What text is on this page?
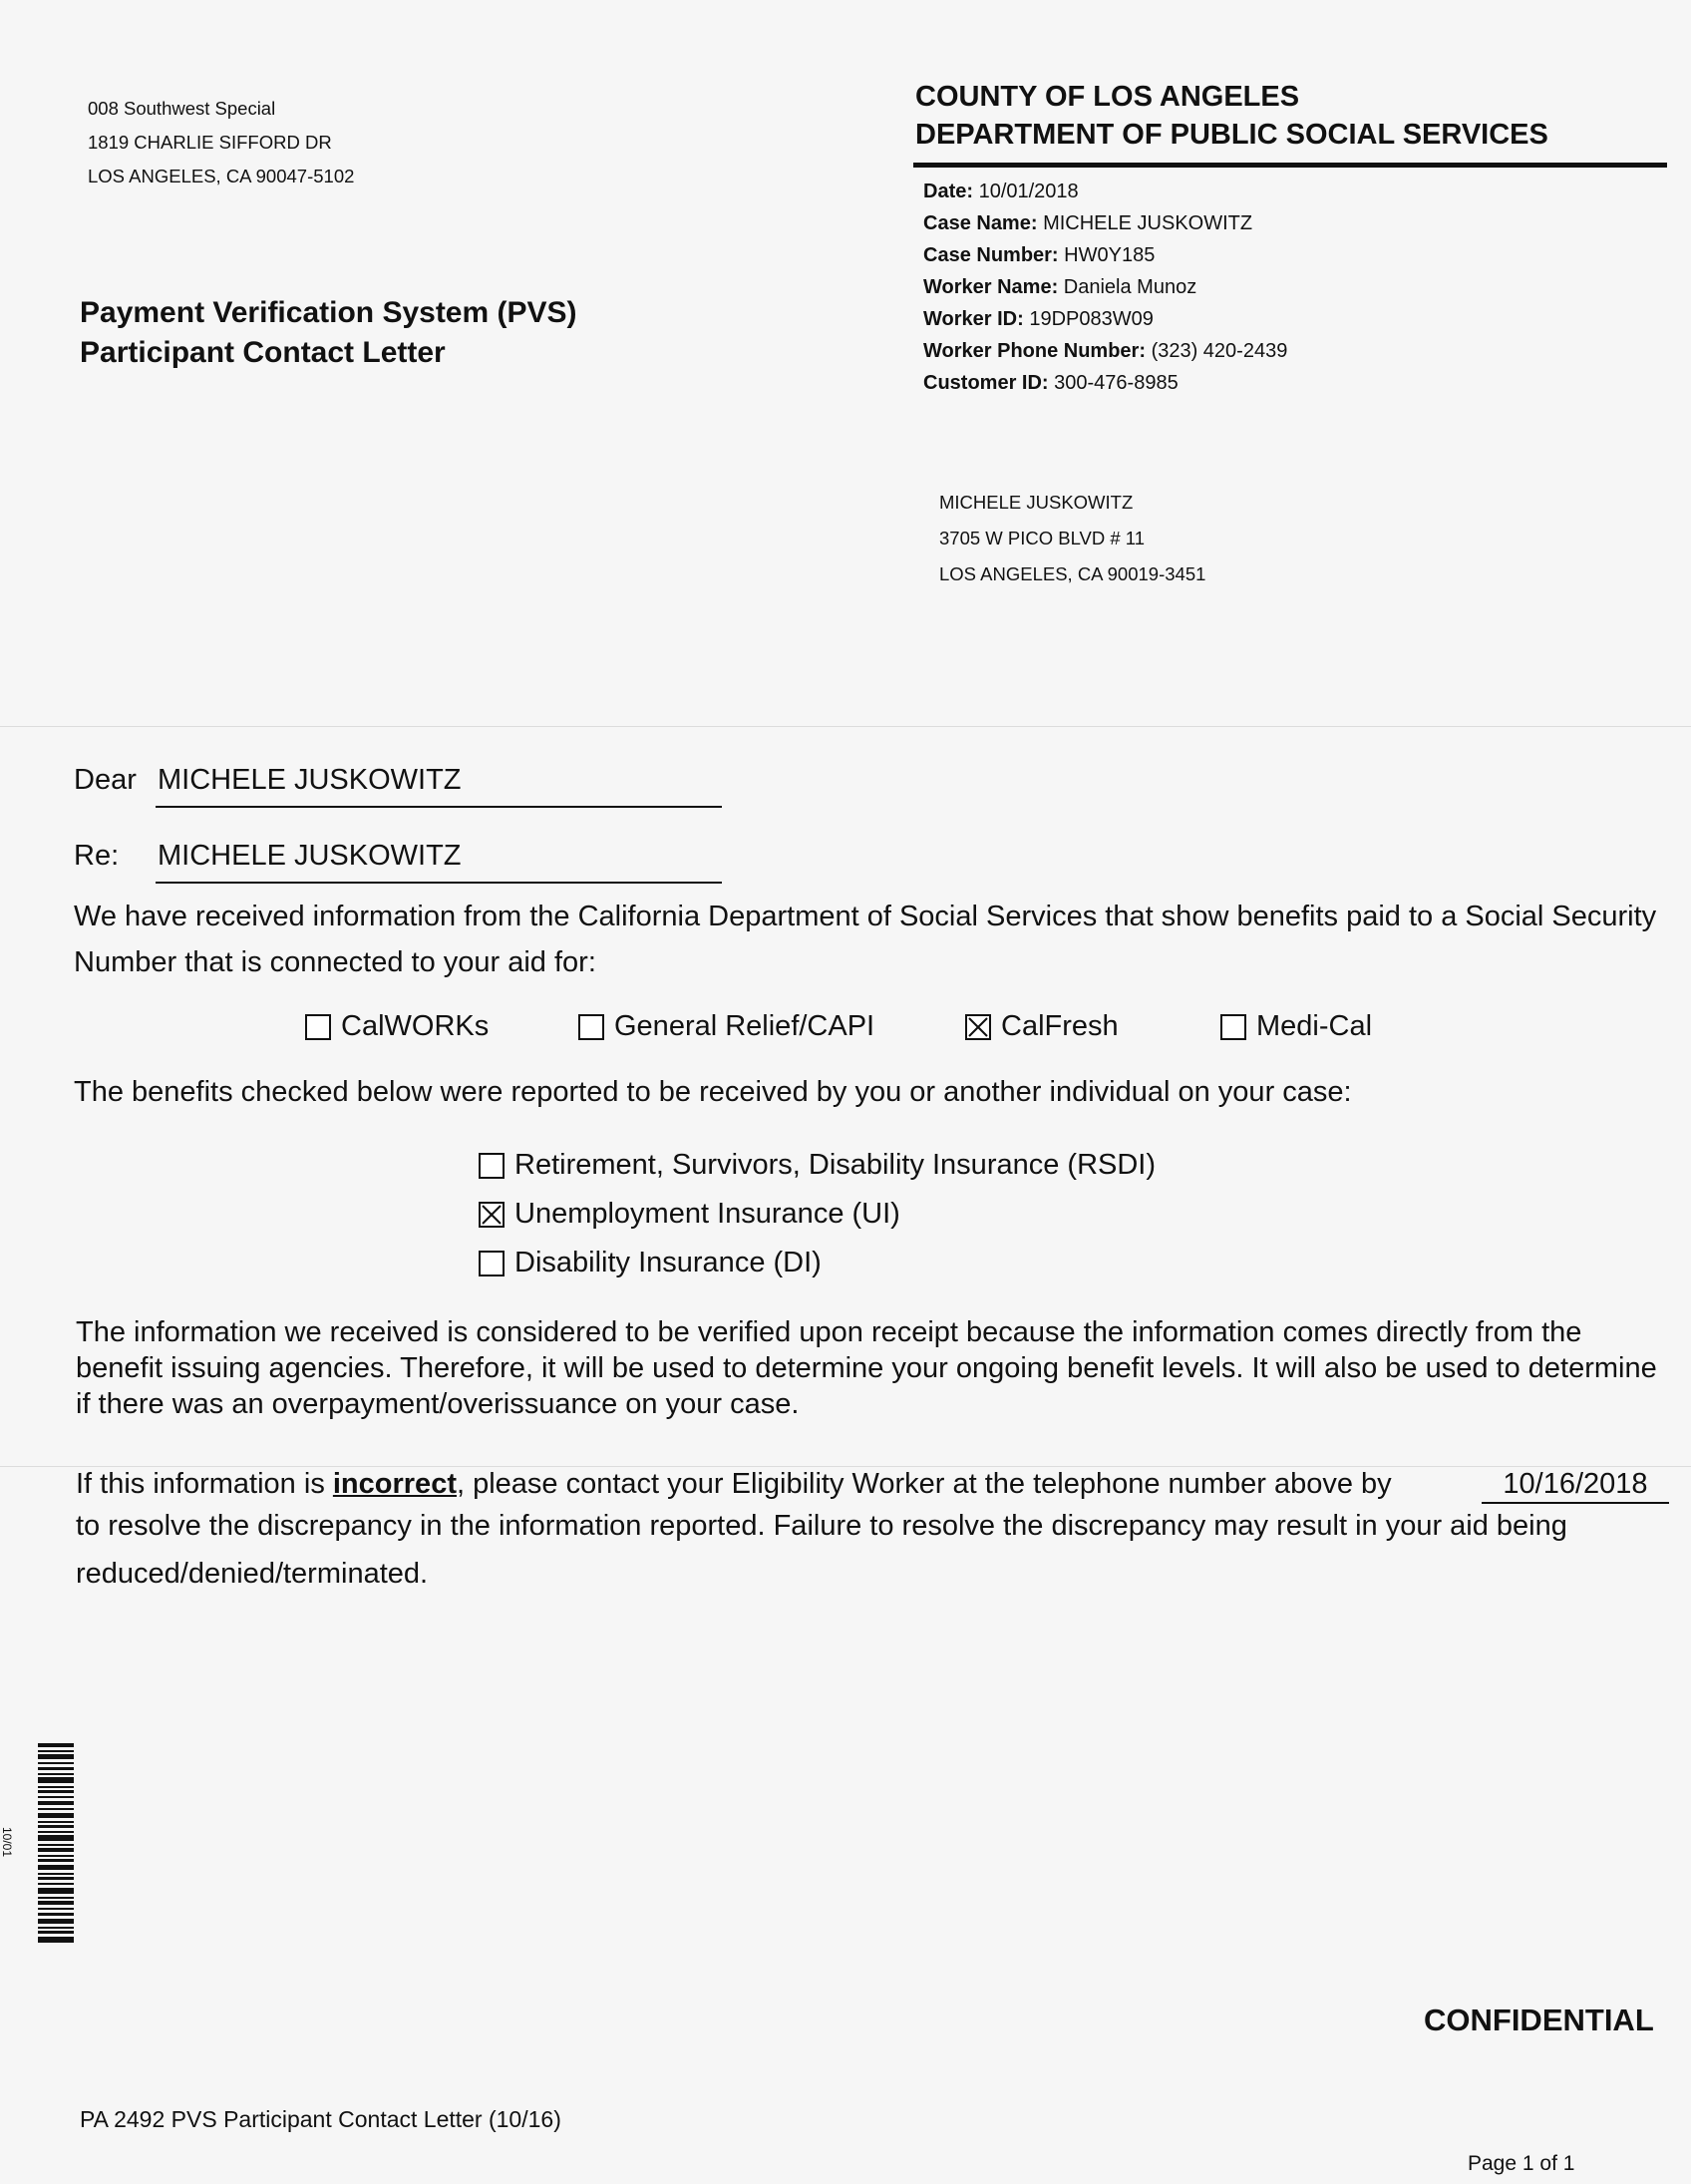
008 Southwest Special
1819 CHARLIE SIFFORD DR
LOS ANGELES, CA 90047-5102
COUNTY OF LOS ANGELES
DEPARTMENT OF PUBLIC SOCIAL SERVICES
Date: 10/01/2018
Case Name: MICHELE JUSKOWITZ
Case Number: HW0Y185
Worker Name: Daniela Munoz
Worker ID: 19DP083W09
Worker Phone Number: (323) 420-2439
Customer ID: 300-476-8985
Payment Verification System (PVS)
Participant Contact Letter
MICHELE JUSKOWITZ
3705 W PICO BLVD # 11
LOS ANGELES, CA 90019-3451
Dear MICHELE JUSKOWITZ
Re: MICHELE JUSKOWITZ
We have received information from the California Department of Social Services that show benefits paid to a Social Security Number that is connected to your aid for:
CalWORKs	General Relief/CAPI	CalFresh	Medi-Cal
The benefits checked below were reported to be received by you or another individual on your case:
Retirement, Survivors, Disability Insurance (RSDI)
Unemployment Insurance (UI)
Disability Insurance (DI)
The information we received is considered to be verified upon receipt because the information comes directly from the benefit issuing agencies. Therefore, it will be used to determine your ongoing benefit levels. It will also be used to determine if there was an overpayment/overissuance on your case.
If this information is incorrect, please contact your Eligibility Worker at the telephone number above by	10/16/2018
to resolve the discrepancy in the information reported. Failure to resolve the discrepancy may result in your aid being reduced/denied/terminated.
10/01
CONFIDENTIAL
PA 2492 PVS Participant Contact Letter (10/16)
Page 1 of 1
